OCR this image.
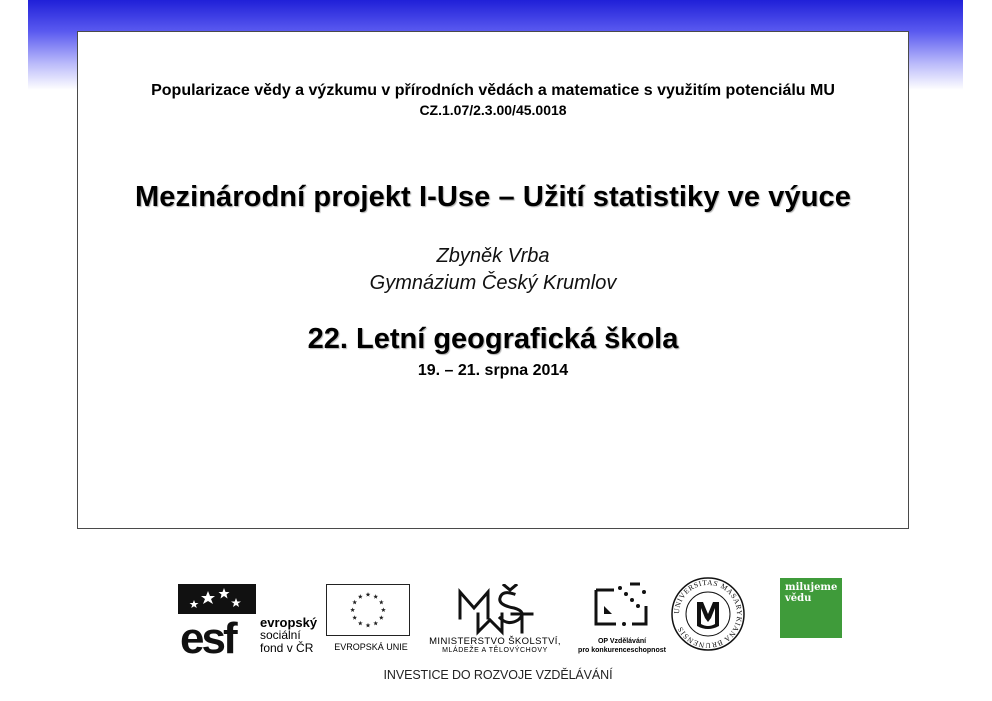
Popularizace vědy a výzkumu v přírodních vědách a matematice s využitím potenciálu MU
CZ.1.07/2.3.00/45.0018
Mezinárodní projekt I-Use – Užití statistiky ve výuce
Zbyněk Vrba
Gymnázium Český Krumlov
22. Letní geografická škola
19. – 21. srpna 2014
esf evropský
sociální
fond v ČR	EVROPSKÁ UNIE	MINISTERSTVO ŠKOLSTVÍ,
MLÁDEŽE A TĚLOVÝCHOVY
OP Vzdělávání
pro konkurenceschopnost
UNIVERSITAS MASARYKIANA BRUNENSIS
milujeme
vědu
INVESTICE DO ROZVOJE VZDĚLÁVÁNÍ
